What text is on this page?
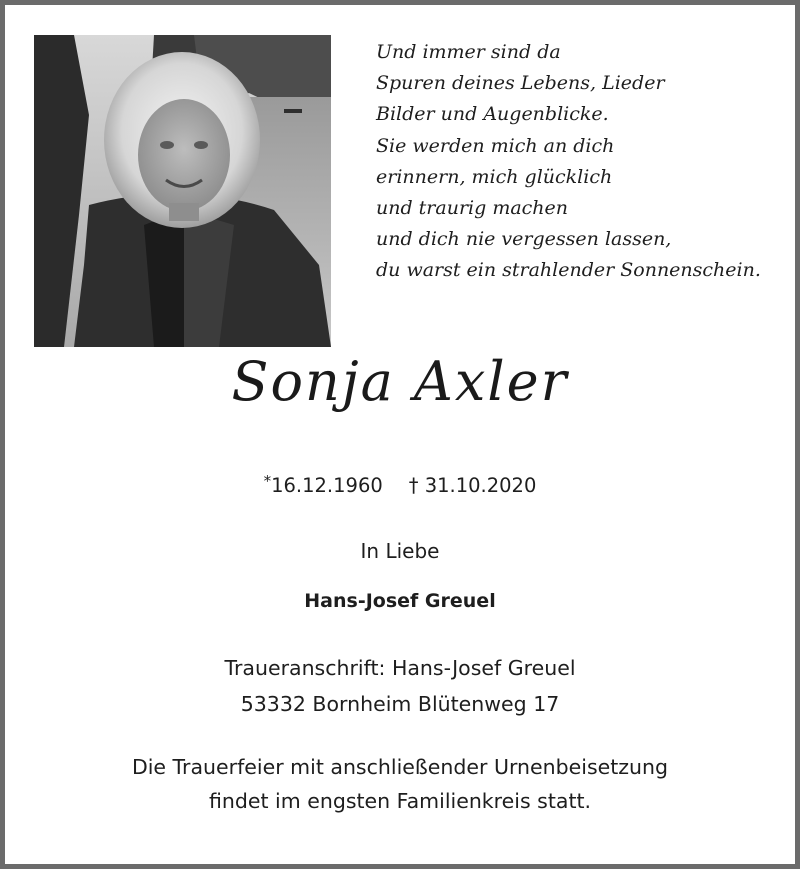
Und immer sind da
Spuren deines Lebens, Lieder
Bilder und Augenblicke.
Sie werden mich an dich
erinnern, mich glücklich
und traurig machen
und dich nie vergessen lassen,
du warst ein strahlender Sonnenschein.
Sonja Axler
*16.12.1960 † 31.10.2020
In Liebe
Hans-Josef Greuel
Traueranschrift: Hans-Josef Greuel
53332 Bornheim Blütenweg 17
Die Trauerfeier mit anschließender Urnenbeisetzung
findet im engsten Familienkreis statt.
